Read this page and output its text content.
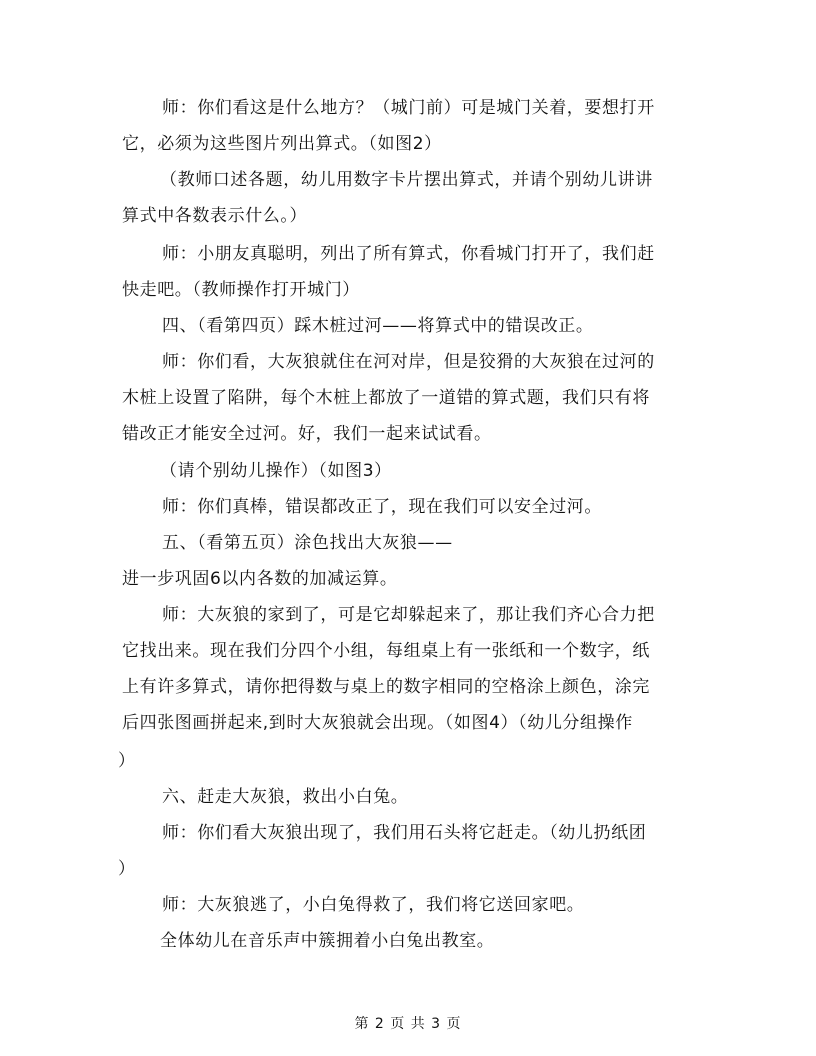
师：你们看这是什么地方？（城门前）可是城门关着，要想打开
它，必须为这些图片列出算式。（如图2）
（教师口述各题，幼儿用数字卡片摆出算式，并请个别幼儿讲讲
算式中各数表示什么。）
师：小朋友真聪明，列出了所有算式，你看城门打开了，我们赶
快走吧。（教师操作打开城门）
四、（看第四页）踩木桩过河——将算式中的错误改正。
师：你们看，大灰狼就住在河对岸，但是狡猾的大灰狼在过河的
木桩上设置了陷阱，每个木桩上都放了一道错的算式题，我们只有将
错改正才能安全过河。好，我们一起来试试看。
（请个别幼儿操作）（如图3）
师：你们真棒，错误都改正了，现在我们可以安全过河。
五、（看第五页）涂色找出大灰狼——
进一步巩固6以内各数的加减运算。
师：大灰狼的家到了，可是它却躲起来了，那让我们齐心合力把
它找出来。现在我们分四个小组，每组桌上有一张纸和一个数字，纸
上有许多算式，请你把得数与桌上的数字相同的空格涂上颜色，涂完
后四张图画拼起来,到时大灰狼就会出现。（如图4）（幼儿分组操作
）
六、赶走大灰狼，救出小白兔。
师：你们看大灰狼出现了，我们用石头将它赶走。（幼儿扔纸团
）
师：大灰狼逃了，小白兔得救了，我们将它送回家吧。
全体幼儿在音乐声中簇拥着小白兔出教室。
第 2 页 共 3 页
